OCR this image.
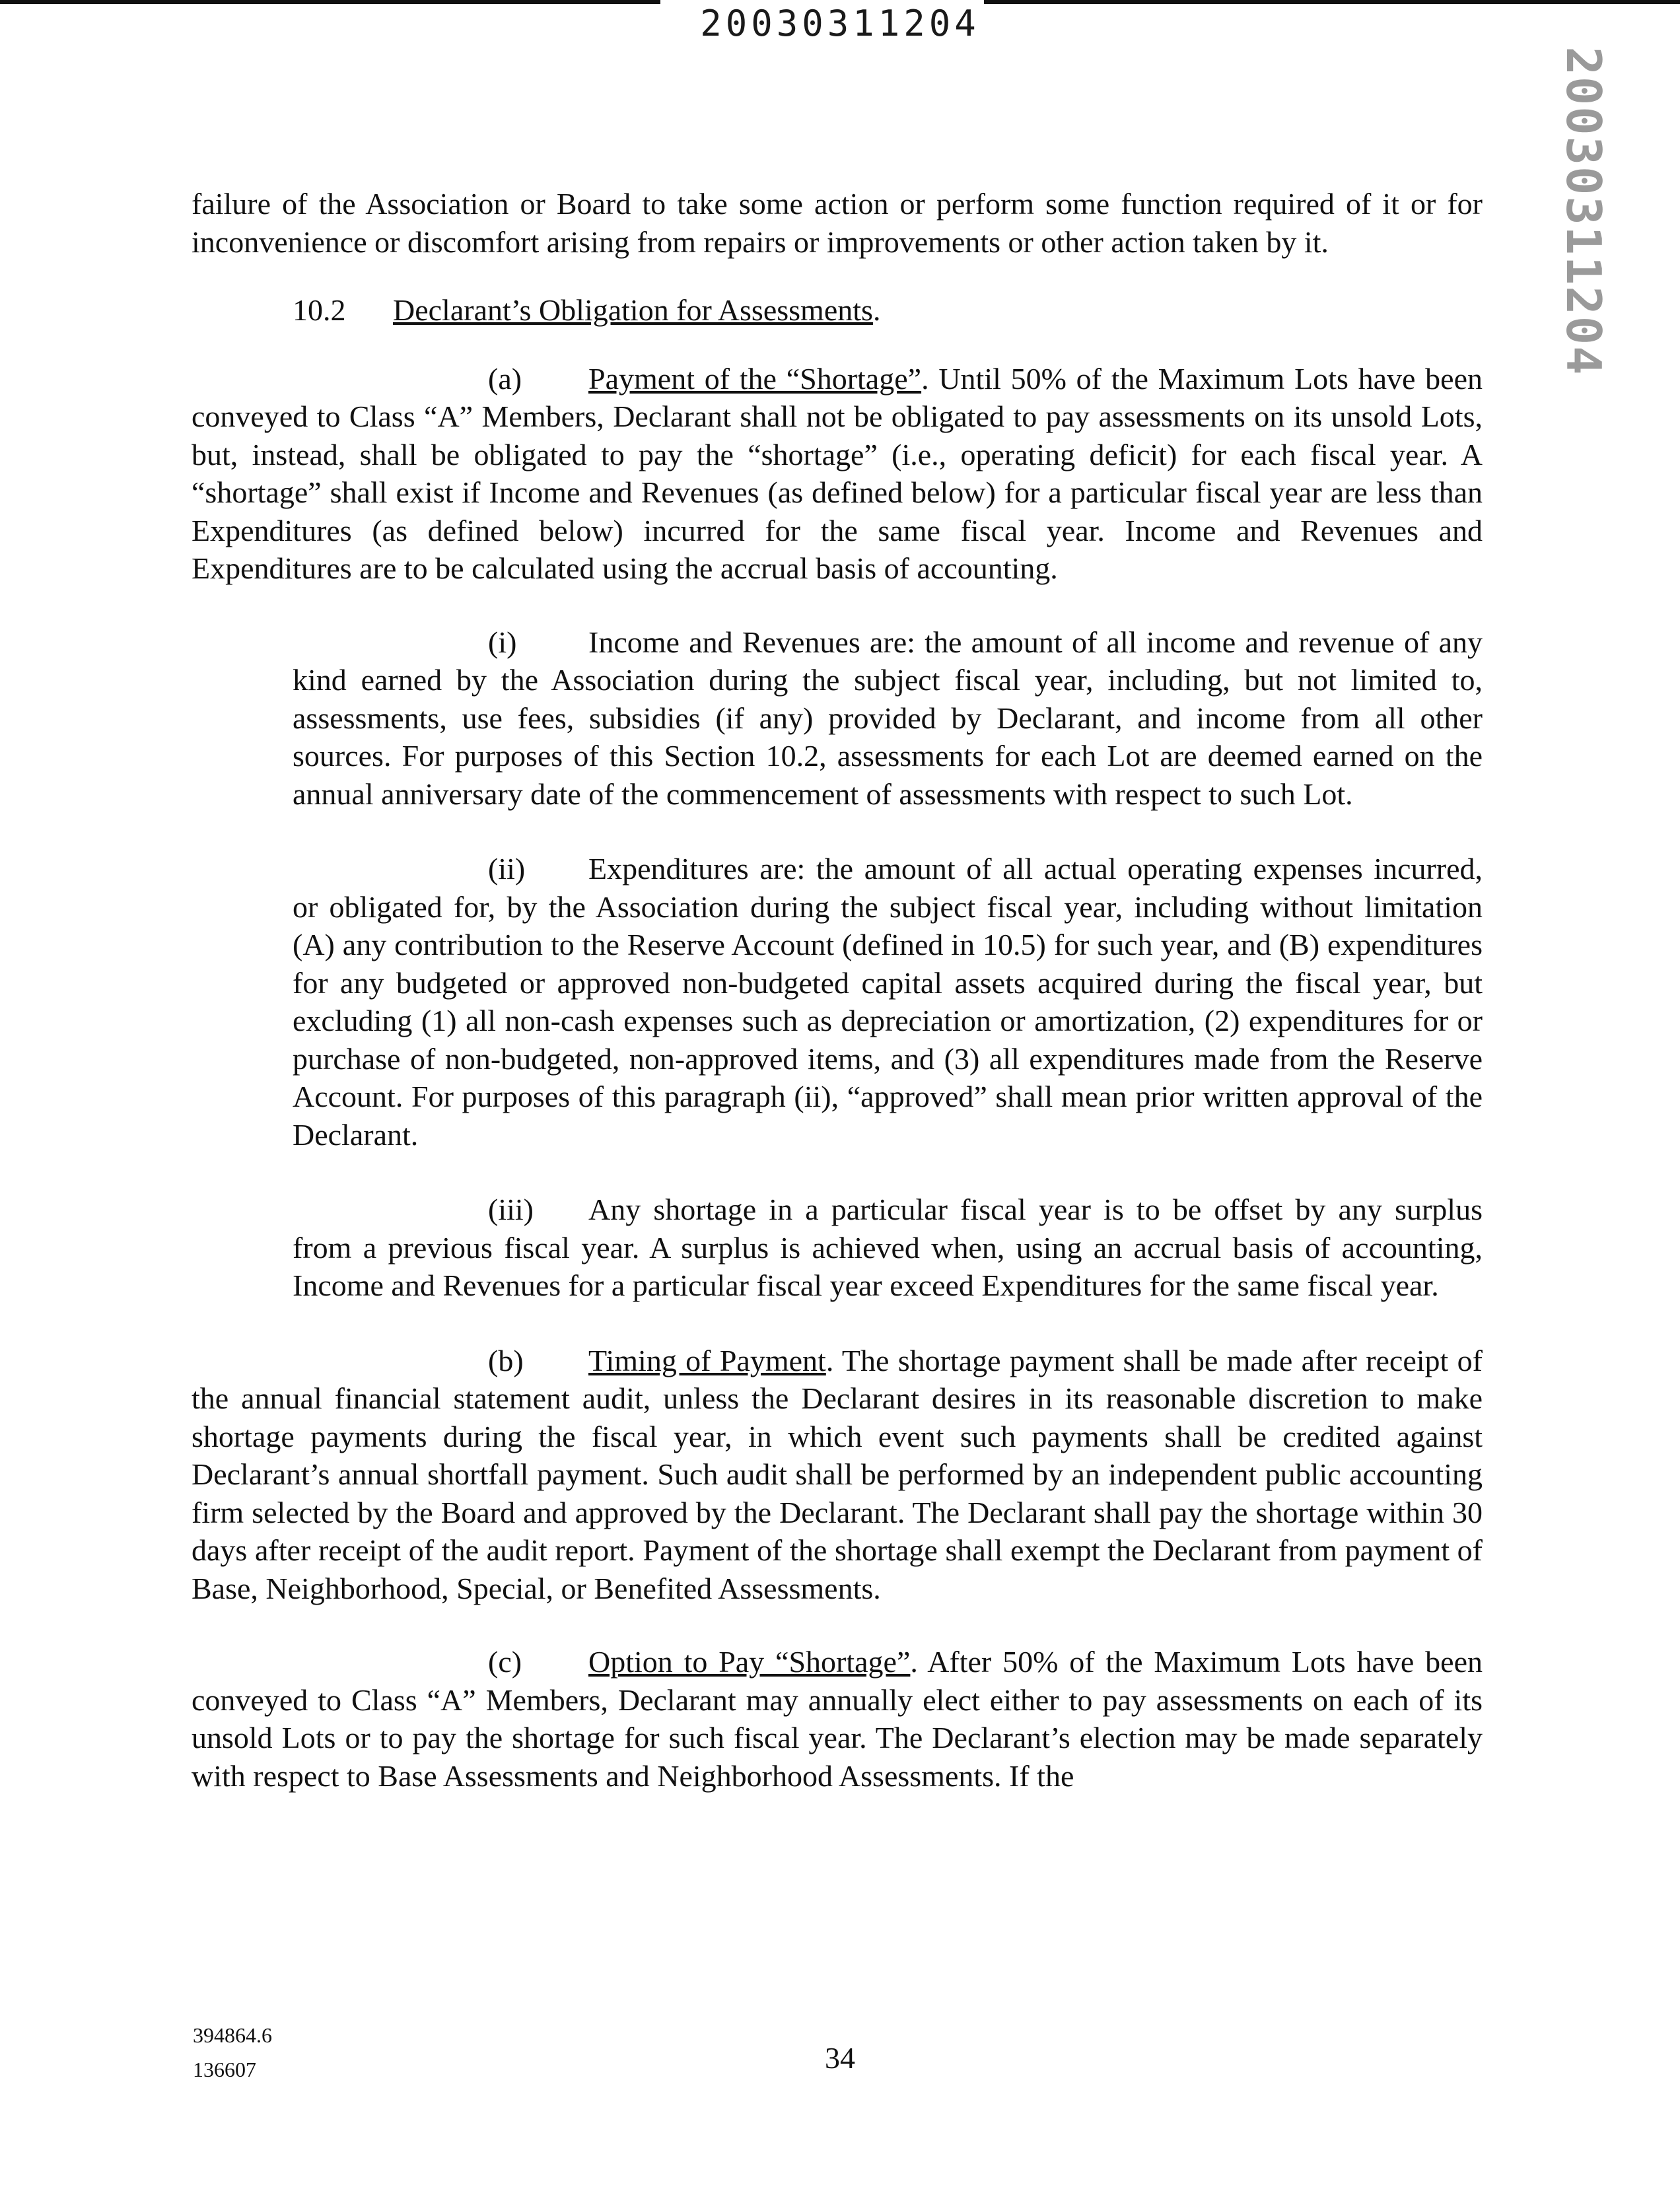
20030311204
20030311204

failure of the Association or Board to take some action or perform some function required of it or for inconvenience or discomfort arising from repairs or improvements or other action taken by it.

10.2 Declarant’s Obligation for Assessments.

(a) Payment of the “Shortage”. Until 50% of the Maximum Lots have been conveyed to Class “A” Members, Declarant shall not be obligated to pay assessments on its unsold Lots, but, instead, shall be obligated to pay the “shortage” (i.e., operating deficit) for each fiscal year. A “shortage” shall exist if Income and Revenues (as defined below) for a particular fiscal year are less than Expenditures (as defined below) incurred for the same fiscal year. Income and Revenues and Expenditures are to be calculated using the accrual basis of accounting.

(i) Income and Revenues are: the amount of all income and revenue of any kind earned by the Association during the subject fiscal year, including, but not limited to, assessments, use fees, subsidies (if any) provided by Declarant, and income from all other sources. For purposes of this Section 10.2, assessments for each Lot are deemed earned on the annual anniversary date of the commencement of assessments with respect to such Lot.

(ii) Expenditures are: the amount of all actual operating expenses incurred, or obligated for, by the Association during the subject fiscal year, including without limitation (A) any contribution to the Reserve Account (defined in 10.5) for such year, and (B) expenditures for any budgeted or approved non-budgeted capital assets acquired during the fiscal year, but excluding (1) all non-cash expenses such as depreciation or amortization, (2) expenditures for or purchase of non-budgeted, non-approved items, and (3) all expenditures made from the Reserve Account. For purposes of this paragraph (ii), “approved” shall mean prior written approval of the Declarant.

(iii) Any shortage in a particular fiscal year is to be offset by any surplus from a previous fiscal year. A surplus is achieved when, using an accrual basis of accounting, Income and Revenues for a particular fiscal year exceed Expenditures for the same fiscal year.

(b) Timing of Payment. The shortage payment shall be made after receipt of the annual financial statement audit, unless the Declarant desires in its reasonable discretion to make shortage payments during the fiscal year, in which event such payments shall be credited against Declarant’s annual shortfall payment. Such audit shall be performed by an independent public accounting firm selected by the Board and approved by the Declarant. The Declarant shall pay the shortage within 30 days after receipt of the audit report. Payment of the shortage shall exempt the Declarant from payment of Base, Neighborhood, Special, or Benefited Assessments.

(c) Option to Pay “Shortage”. After 50% of the Maximum Lots have been conveyed to Class “A” Members, Declarant may annually elect either to pay assessments on each of its unsold Lots or to pay the shortage for such fiscal year. The Declarant’s election may be made separately with respect to Base Assessments and Neighborhood Assessments. If the

394864.6
136607	34
